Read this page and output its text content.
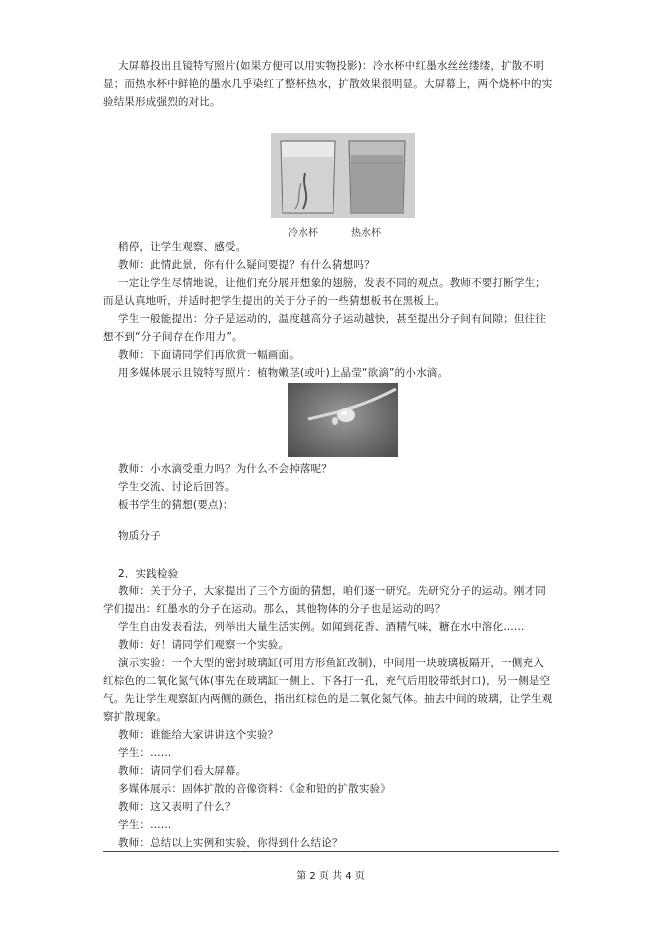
大屏幕投出且镜特写照片(如果方便可以用实物投影)：冷水杯中红墨水丝丝缕缕，扩散不明
显；而热水杯中鲜艳的墨水几乎染红了整杯热水，扩散效果很明显。大屏幕上，两个烧杯中的实
验结果形成强烈的对比。
冷水杯	热水杯
稍停，让学生观察、感受。
教师：此情此景，你有什么疑问要提？有什么猜想吗？
一定让学生尽情地说，让他们充分展开想象的翅膀，发表不同的观点。教师不要打断学生；
而是认真地听，并适时把学生提出的关于分子的一些猜想板书在黑板上。
学生一般能提出：分子是运动的，温度越高分子运动越快，甚至提出分子间有间隙；但往往
想不到“分子间存在作用力”。
教师：下面请同学们再欣赏一幅画面。
用多媒体展示且镜特写照片：植物嫩茎(或叶)上晶莹“欲滴”的小水滴。
教师：小水滴受重力吗？为什么不会掉落呢？
学生交流、讨论后回答。
板书学生的猜想(要点)：
物质分子
2．实践检验
教师：关于分子，大家提出了三个方面的猜想，咱们逐一研究。先研究分子的运动。刚才同
学们提出：红墨水的分子在运动。那么，其他物体的分子也是运动的吗？
学生自由发表看法，列举出大量生活实例。如闻到花香、酒精气味，糖在水中溶化……
教师：好！请同学们观察一个实验。
演示实验：一个大型的密封玻璃缸(可用方形鱼缸改制)，中间用一块玻璃板隔开，一侧充入
红棕色的二氧化氮气体(事先在玻璃缸一侧上、下各打一孔，充气后用胶带纸封口)，另一侧是空
气。先让学生观察缸内两侧的颜色，指出红棕色的是二氧化氮气体。抽去中间的玻璃，让学生观
察扩散现象。
教师：谁能给大家讲讲这个实验？
学生：……
教师：请同学们看大屏幕。
多媒体展示：固体扩散的音像资料：《金和铅的扩散实验》
教师：这又表明了什么？
学生：……
教师：总结以上实例和实验，你得到什么结论？
第 2 页 共 4 页
